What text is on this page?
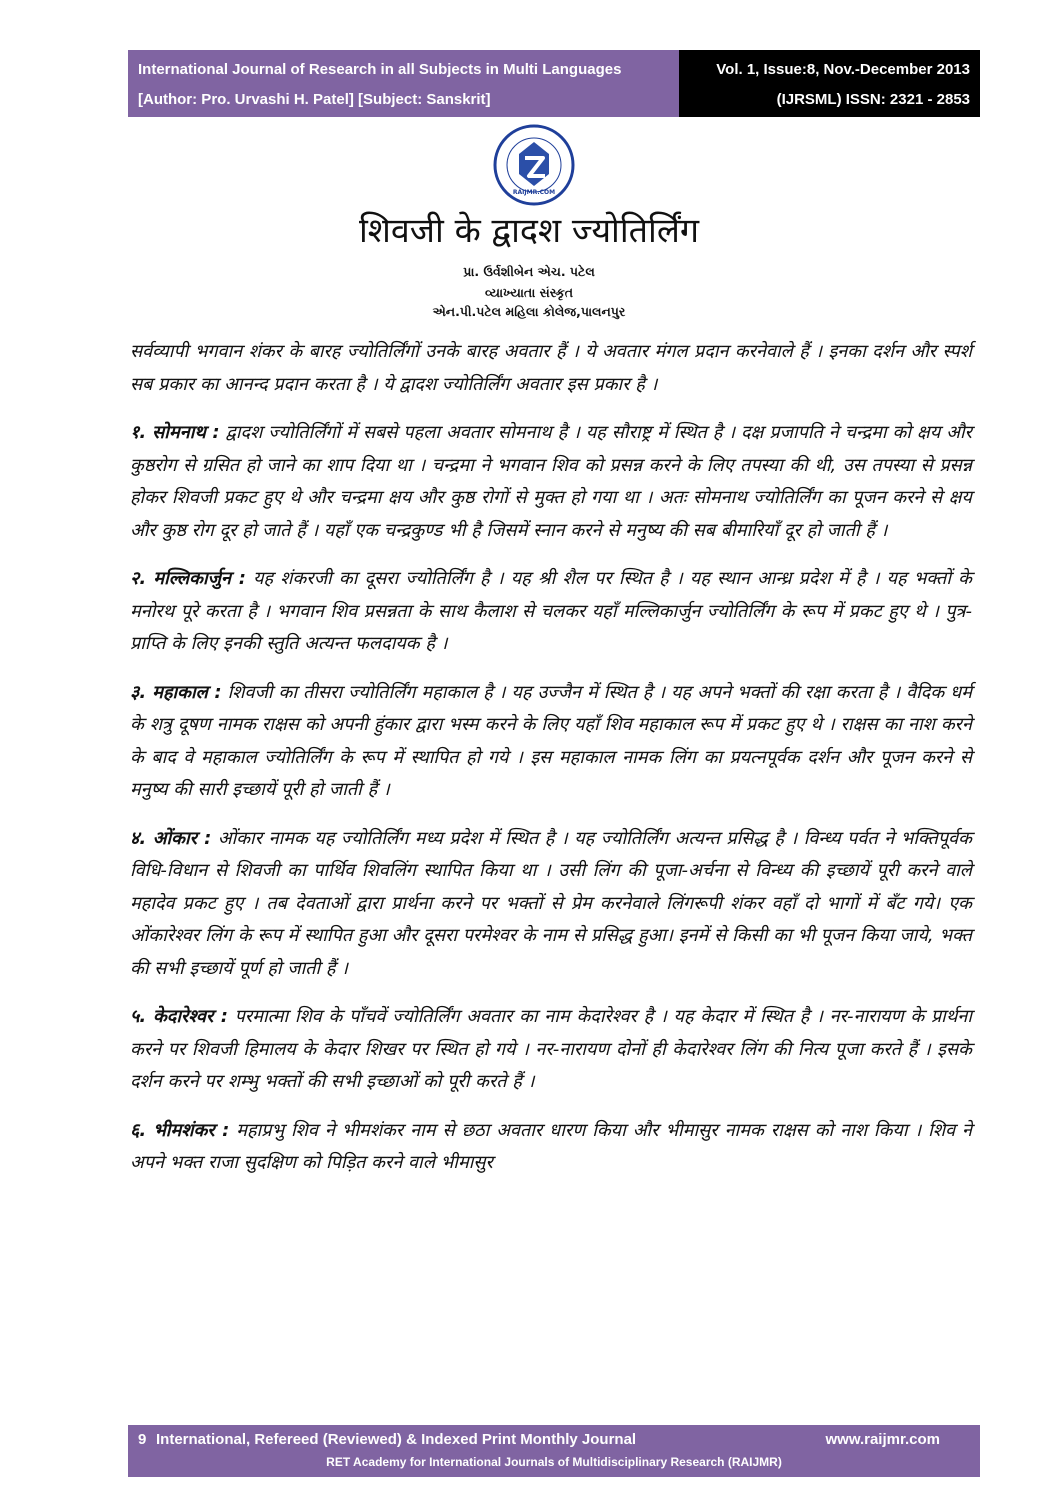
International Journal of Research in all Subjects in Multi Languages
[Author: Pro. Urvashi H. Patel] [Subject: Sanskrit]
Vol. 1, Issue:8, Nov.-December 2013
(IJRSML) ISSN: 2321 - 2853
RAIJMR.COM
शिवजी के द्वादश ज्योतिर्लिंग
પ્રા. ઉર્વશીબેન એચ. પટેલ
વ્યાખ્યાતા સંસ્કૃત
એન.પી.પટેલ મહિલા કોલેજ,પાલનપુર

सर्वव्यापी भगवान शंकर के बारह ज्योतिर्लिंगों उनके बारह अवतार हैं । ये अवतार मंगल प्रदान करनेवाले हैं । इनका दर्शन और स्पर्श सब प्रकार का आनन्द प्रदान करता है । ये द्वादश ज्योतिर्लिंग अवतार इस प्रकार है ।

१. सोमनाथ : द्वादश ज्योतिर्लिंगों में सबसे पहला अवतार सोमनाथ है । यह सौराष्ट्र में स्थित है । दक्ष प्रजापति ने चन्द्रमा को क्षय और कुष्ठरोग से ग्रसित हो जाने का शाप दिया था । चन्द्रमा ने भगवान शिव को प्रसन्न करने के लिए तपस्या की थी, उस तपस्या से प्रसन्न होकर शिवजी प्रकट हुए थे और चन्द्रमा क्षय और कुष्ठ रोगों से मुक्त हो गया था । अतः सोमनाथ ज्योतिर्लिंग का पूजन करने से क्षय और कुष्ठ रोग दूर हो जाते हैं । यहाँ एक चन्द्रकुण्ड भी है जिसमें स्नान करने से मनुष्य की सब बीमारियाँ दूर हो जाती हैं ।

२. मल्लिकार्जुन : यह शंकरजी का दूसरा ज्योतिर्लिंग है । यह श्री शैल पर स्थित है । यह स्थान आन्ध्र प्रदेश में है । यह भक्तों के मनोरथ पूरे करता है । भगवान शिव प्रसन्नता के साथ कैलाश से चलकर यहाँ मल्लिकार्जुन ज्योतिर्लिंग के रूप में प्रकट हुए थे । पुत्र-प्राप्ति के लिए इनकी स्तुति अत्यन्त फलदायक है ।

३. महाकाल : शिवजी का तीसरा ज्योतिर्लिंग महाकाल है । यह उज्जैन में स्थित है । यह अपने भक्तों की रक्षा करता है । वैदिक धर्म के शत्रु दूषण नामक राक्षस को अपनी हुंकार द्वारा भस्म करने के लिए यहाँ शिव महाकाल रूप में प्रकट हुए थे । राक्षस का नाश करने के बाद वे महाकाल ज्योतिर्लिंग के रूप में स्थापित हो गये । इस महाकाल नामक लिंग का प्रयत्नपूर्वक दर्शन और पूजन करने से मनुष्य की सारी इच्छायें पूरी हो जाती हैं ।

४. ओंकार : ओंकार नामक यह ज्योतिर्लिंग मध्य प्रदेश में स्थित है । यह ज्योतिर्लिंग अत्यन्त प्रसिद्ध है । विन्ध्य पर्वत ने भक्तिपूर्वक विधि-विधान से शिवजी का पार्थिव शिवलिंग स्थापित किया था । उसी लिंग की पूजा-अर्चना से विन्ध्य की इच्छायें पूरी करने वाले महादेव प्रकट हुए । तब देवताओं द्वारा प्रार्थना करने पर भक्तों से प्रेम करनेवाले लिंगरूपी शंकर वहाँ दो भागों में बँट गये। एक ओंकारेश्वर लिंग के रूप में स्थापित हुआ और दूसरा परमेश्वर के नाम से प्रसिद्ध हुआ। इनमें से किसी का भी पूजन किया जाये, भक्त की सभी इच्छायें पूर्ण हो जाती हैं ।

५. केदारेश्वर : परमात्मा शिव के पाँचवें ज्योतिर्लिंग अवतार का नाम केदारेश्वर है । यह केदार में स्थित है । नर-नारायण के प्रार्थना करने पर शिवजी हिमालय के केदार शिखर पर स्थित हो गये । नर-नारायण दोनों ही केदारेश्वर लिंग की नित्य पूजा करते हैं । इसके दर्शन करने पर शम्भु भक्तों की सभी इच्छाओं को पूरी करते हैं ।

६. भीमशंकर : महाप्रभु शिव ने भीमशंकर नाम से छठा अवतार धारण किया और भीमासुर नामक राक्षस को नाश किया । शिव ने अपने भक्त राजा सुदक्षिण को पिड़ित करने वाले भीमासुर

9 International, Refereed (Reviewed) & Indexed Print Monthly Journal	www.raijmr.com
RET Academy for International Journals of Multidisciplinary Research (RAIJMR)
